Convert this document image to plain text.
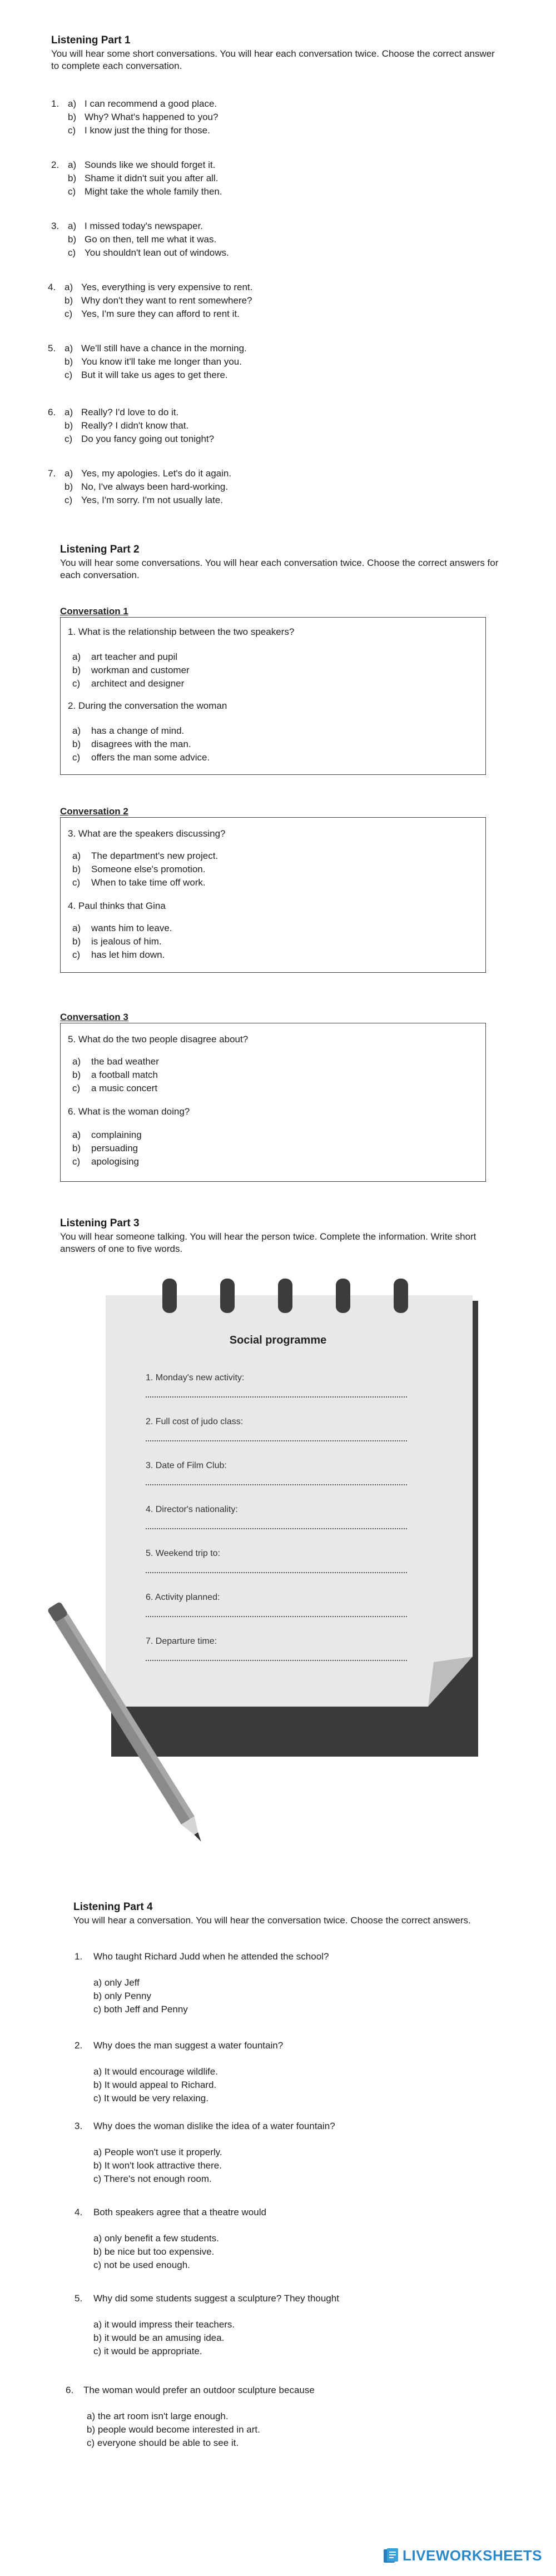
Listening Part 1
You will hear some short conversations. You will hear each conversation twice. Choose the correct answer to complete each conversation.
1. a) I can recommend a good place.
b) Why? What's happened to you?
c) I know just the thing for those.
2. a) Sounds like we should forget it.
b) Shame it didn't suit you after all.
c) Might take the whole family then.
3. a) I missed today's newspaper.
b) Go on then, tell me what it was.
c) You shouldn't lean out of windows.
4. a) Yes, everything is very expensive to rent.
b) Why don't they want to rent somewhere?
c) Yes, I'm sure they can afford to rent it.
5. a) We'll still have a chance in the morning.
b) You know it'll take me longer than you.
c) But it will take us ages to get there.
6. a) Really? I'd love to do it.
b) Really? I didn't know that.
c) Do you fancy going out tonight?
7. a) Yes, my apologies. Let's do it again.
b) No, I've always been hard-working.
c) Yes, I'm sorry. I'm not usually late.
Listening Part 2
You will hear some conversations. You will hear each conversation twice. Choose the correct answers for each conversation.
Conversation 1
Conversation 2
Conversation 3
1. What is the relationship between the two speakers?
a) art teacher and pupil
b) workman and customer
c) architect and designer
2. During the conversation the woman
a) has a change of mind.
b) disagrees with the man.
c) offers the man some advice.
3. What are the speakers discussing?
a) The department's new project.
b) Someone else's promotion.
c) When to take time off work.
4. Paul thinks that Gina
a) wants him to leave.
b) is jealous of him.
c) has let him down.
5. What do the two people disagree about?
a) the bad weather
b) a football match
c) a music concert
6. What is the woman doing?
a) complaining
b) persuading
c) apologising
Listening Part 3
You will hear someone talking. You will hear the person twice. Complete the information. Write short answers of one to five words.
Social programme
1. Monday's new activity:
2. Full cost of judo class:
3. Date of Film Club:
4. Director's nationality:
5. Weekend trip to:
6. Activity planned:
7. Departure time:
Listening Part 4
You will hear a conversation. You will hear the conversation twice. Choose the correct answers.
1. Who taught Richard Judd when he attended the school?
a) only Jeff
b) only Penny
c) both Jeff and Penny
2. Why does the man suggest a water fountain?
a) It would encourage wildlife.
b) It would appeal to Richard.
c) It would be very relaxing.
3. Why does the woman dislike the idea of a water fountain?
a) People won't use it properly.
b) It won't look attractive there.
c) There's not enough room.
4. Both speakers agree that a theatre would
a) only benefit a few students.
b) be nice but too expensive.
c) not be used enough.
5. Why did some students suggest a sculpture? They thought
a) it would impress their teachers.
b) it would be an amusing idea.
c) it would be appropriate.
6. The woman would prefer an outdoor sculpture because
a) the art room isn't large enough.
b) people would become interested in art.
c) everyone should be able to see it.
LIVEWORKSHEETS
